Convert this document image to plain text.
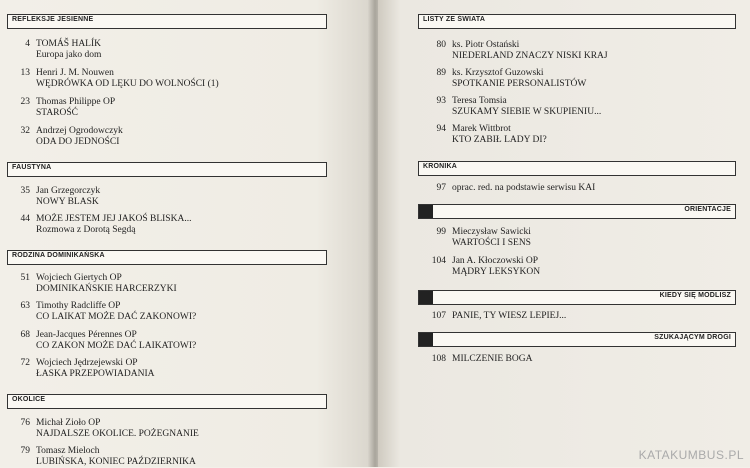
REFLEKSJE JESIENNE
4 TOMÁŠ HALÍK
Europa jako dom
13 Henri J. M. Nouwen
WĘDRÓWKA OD LĘKU DO WOLNOŚCI (1)
23 Thomas Philippe OP
STAROŚĆ
32 Andrzej Ogrodowczyk
ODA DO JEDNOŚCI
FAUSTYNA
35 Jan Grzegorczyk
NOWY BLASK
44 MOŻE JESTEM JEJ JAKOŚ BLISKA...
Rozmowa z Dorotą Segdą
RODZINA DOMINIKAŃSKA
51 Wojciech Giertych OP
DOMINIKAŃSKIE HARCERZYKI
63 Timothy Radcliffe OP
CO LAIKAT MOŻE DAĆ ZAKONOWI?
68 Jean-Jacques Pérennes OP
CO ZAKON MOŻE DAĆ LAIKATOWI?
72 Wojciech Jędrzejewski OP
ŁASKA PRZEPOWIADANIA
OKOLICE
76 Michał Zioło OP
NAJDALSZE OKOLICE. POŻEGNANIE
79 Tomasz Mieloch
LUBIŃSKA, KONIEC PAŹDZIERNIKA
LISTY ZE ŚWIATA
80 ks. Piotr Ostański
NIEDERLAND ZNACZY NISKI KRAJ
89 ks. Krzysztof Guzowski
SPOTKANIE PERSONALISTÓW
93 Teresa Tomsia
SZUKAMY SIEBIE W SKUPIENIU...
94 Marek Wittbrot
KTO ZABIŁ LADY DI?
KRONIKA
97 oprac. red. na podstawie serwisu KAI
ORIENTACJE
99 Mieczysław Sawicki
WARTOŚCI I SENS
104 Jan A. Kłoczowski OP
MĄDRY LEKSYKON
KIEDY SIĘ MODLISZ
107 PANIE, TY WIESZ LEPIEJ...
SZUKAJĄCYM DROGI
108 MILCZENIE BOGA
KATAKUMBUS.PL
